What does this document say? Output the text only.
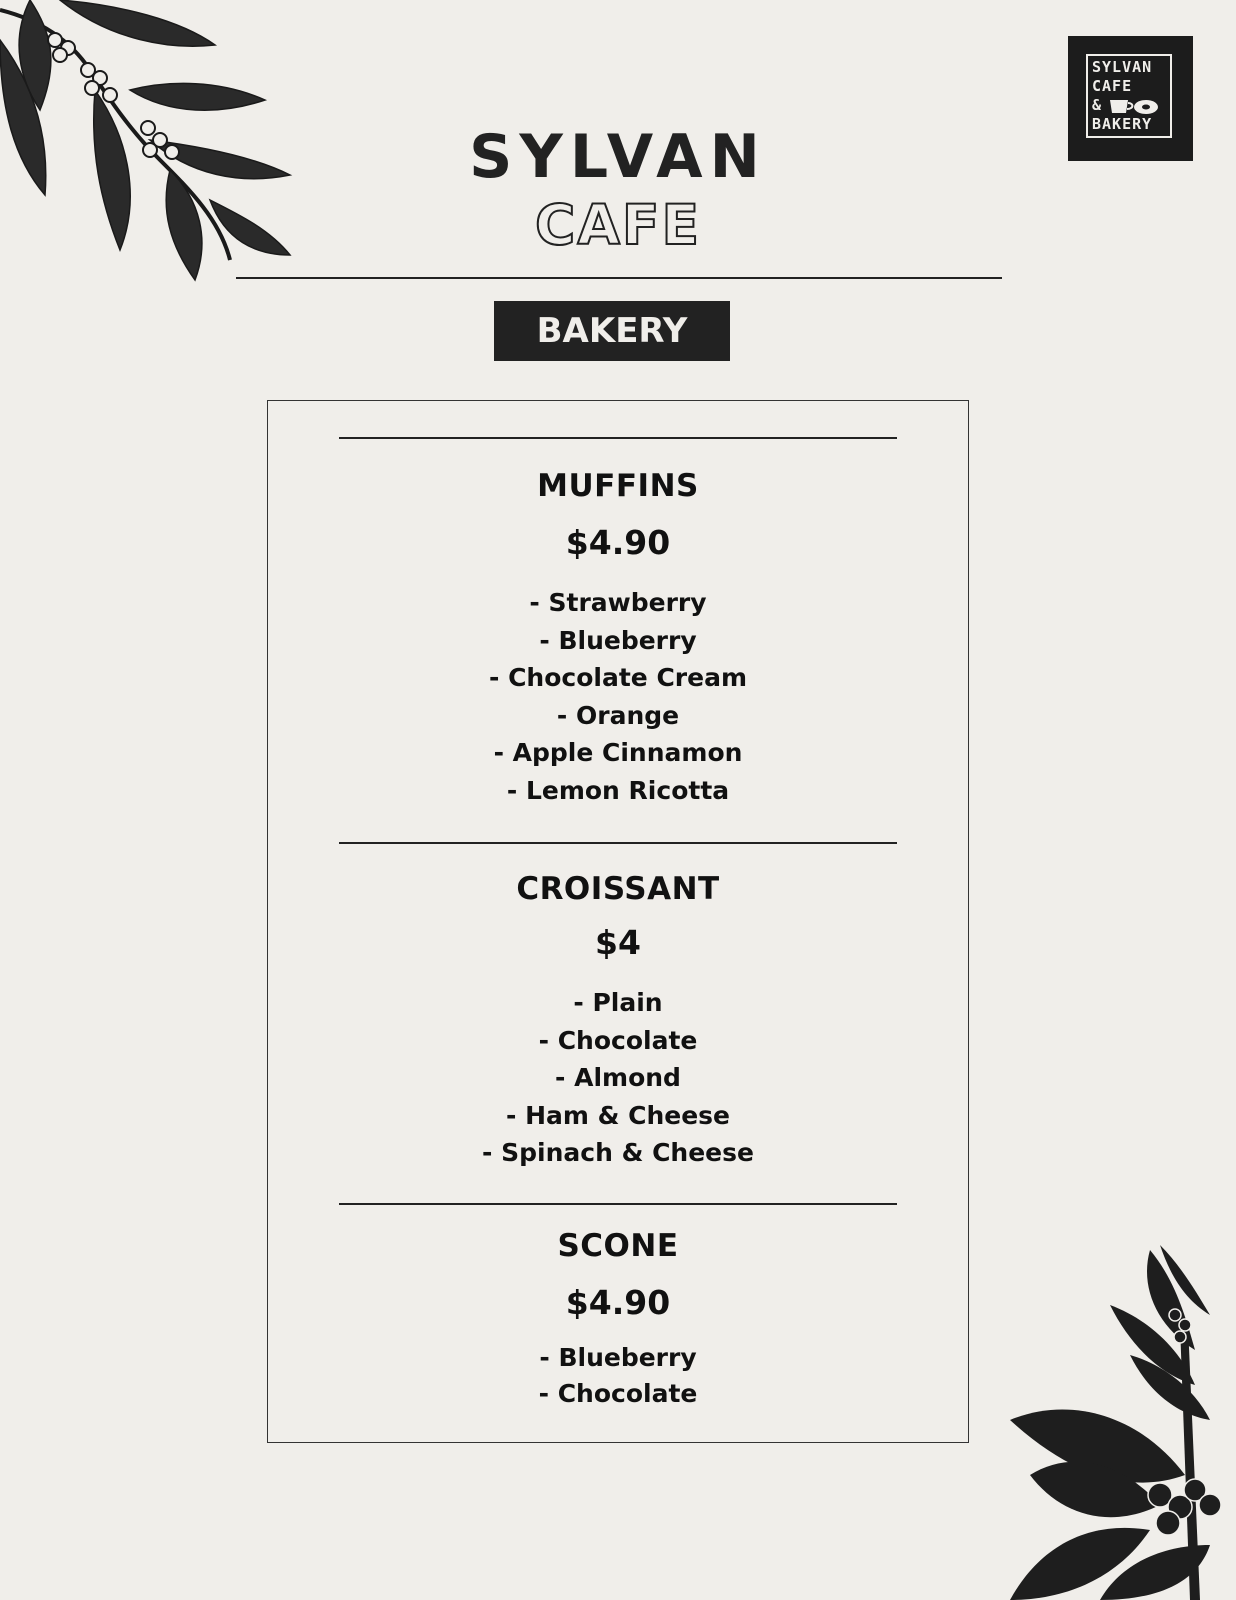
SYLVAN
CAFE
&
BAKERY
SYLVAN
CAFE
BAKERY
MUFFINS
$4.90
- Strawberry
- Blueberry
- Chocolate Cream
- Orange
- Apple Cinnamon
- Lemon Ricotta
CROISSANT
$4
- Plain
- Chocolate
- Almond
- Ham & Cheese
- Spinach & Cheese
SCONE
$4.90
- Blueberry
- Chocolate
